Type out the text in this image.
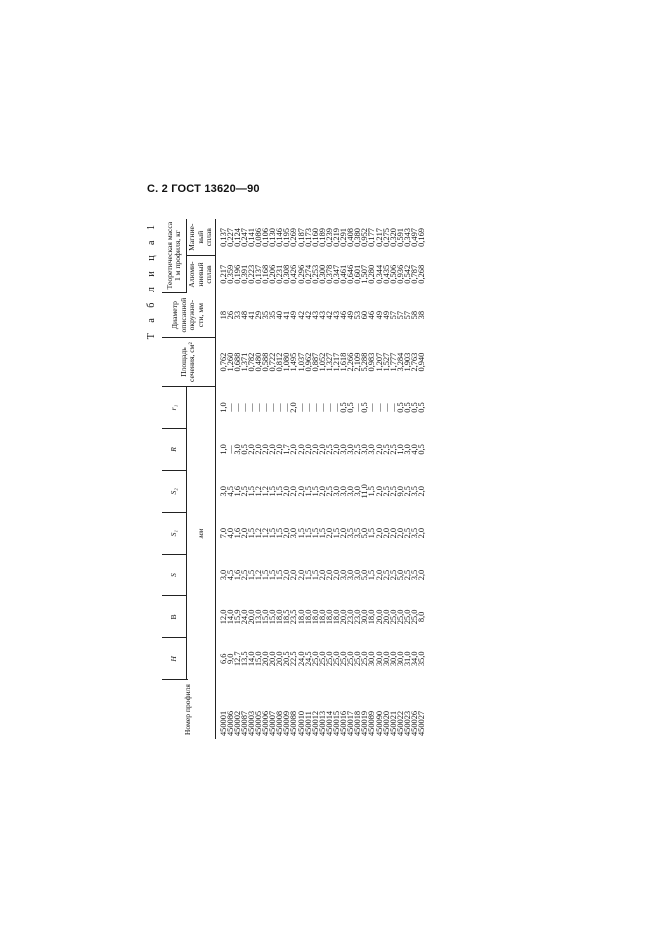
С. 2 ГОСТ 13620—90
Т а б л и ц а 1
Номер профиля	H	B	S	S₁	S₂	R	r₁	Площадь сечения, см²	Диаметр описанной окружно-сти, мм	Теоретическая масса 1 м профиля, кг	
										Алюми-ниевый сплав	Магние-вый сплав
	мм										
450001	6,6	12,0	3,0	7,0	3,0	1,0	1,0	0,762	18	0,217	0,137
450086	9,0	14,0	4,5	4,0	4,5	—	—	1,260	26	0,359	0,227
450002	12,7	15,9	1,6	1,6	1,6	3,0	—	0,688	33	0,196	0,124
450087	13,5	24,0	2,5	2,0	2,5	0,5	—	1,371	48	0,391	0,247
450003	14,0	20,0	1,5	1,5	1,5	2,0	—	0,782	41	0,223	0,141
450005	15,0	13,0	1,2	1,2	1,2	2,0	—	0,480	29	0,137	0,086
450006	20,0	15,0	1,5	1,2	1,2	2,0	—	0,588	35	0,168	0,106
450007	20,0	15,0	1,5	1,5	1,5	2,0	—	0,722	35	0,206	0,130
450008	20,0	18,0	1,5	1,5	1,5	2,0	—	0,812	40	0,231	0,146
450009	20,5	18,5	2,0	2,0	2,0	1,7	—	1,080	41	0,308	0,195
450088	22,5	23,5	2,0	3,0	2,0	2,0	2,0	1,495	49	0,426	0,269
450010	24,0	18,0	2,0	1,5	2,0	2,0	—	1,037	42	0,296	0,187
450011	24,5	18,0	1,5	1,5	1,5	2,0	—	0,962	42	0,274	0,173
450012	25,0	18,0	1,5	1,5	1,5	2,0	—	0,887	43	0,253	0,160
450013	25,0	18,0	2,0	1,5	2,0	2,0	—	1,052	43	0,300	0,189
450014	25,0	18,0	2,0	2,0	2,5	2,5	—	1,327	42	0,378	0,239
450015	25,0	18,0	2,0	1,5	3,0	2,0	—	1,217	43	0,347	0,219
450016	25,0	20,0	3,0	2,0	3,0	3,0	0,5	1,618	46	0,461	0,291
450017	25,0	23,0	3,0	3,5	3,0	3,0	0,5	2,266	49	0,646	0,408
450018	25,0	23,0	3,0	3,5	3,0	2,5	—	2,109	53	0,601	0,380
450019	25,0	30,0	5,0	5,0	11,0	3,0	0,5	5,288	60	1,507	0,952
450089	30,0	18,0	1,5	1,5	1,5	3,0	—	0,983	46	0,280	0,177
450090	30,0	20,0	2,0	2,0	2,0	2,0	—	1,207	49	0,344	0,217
450020	30,0	20,0	2,5	2,0	2,5	2,5	—	1,527	49	0,435	0,275
450021	30,0	25,0	2,5	2,0	2,5	2,5	—	1,777	57	0,506	0,320
450022	30,0	25,0	5,0	2,0	9,0	1,0	0,5	3,284	57	0,936	0,591
450023	31,0	25,0	2,5	2,5	2,5	3,0	0,5	1,903	57	0,542	0,343
450026	34,0	25,0	3,5	3,5	3,5	4,0	0,5	2,763	58	0,787	0,497
450027	35,0	8,0	2,0	2,0	2,0	0,5	0,5	0,940	38	0,268	0,169
